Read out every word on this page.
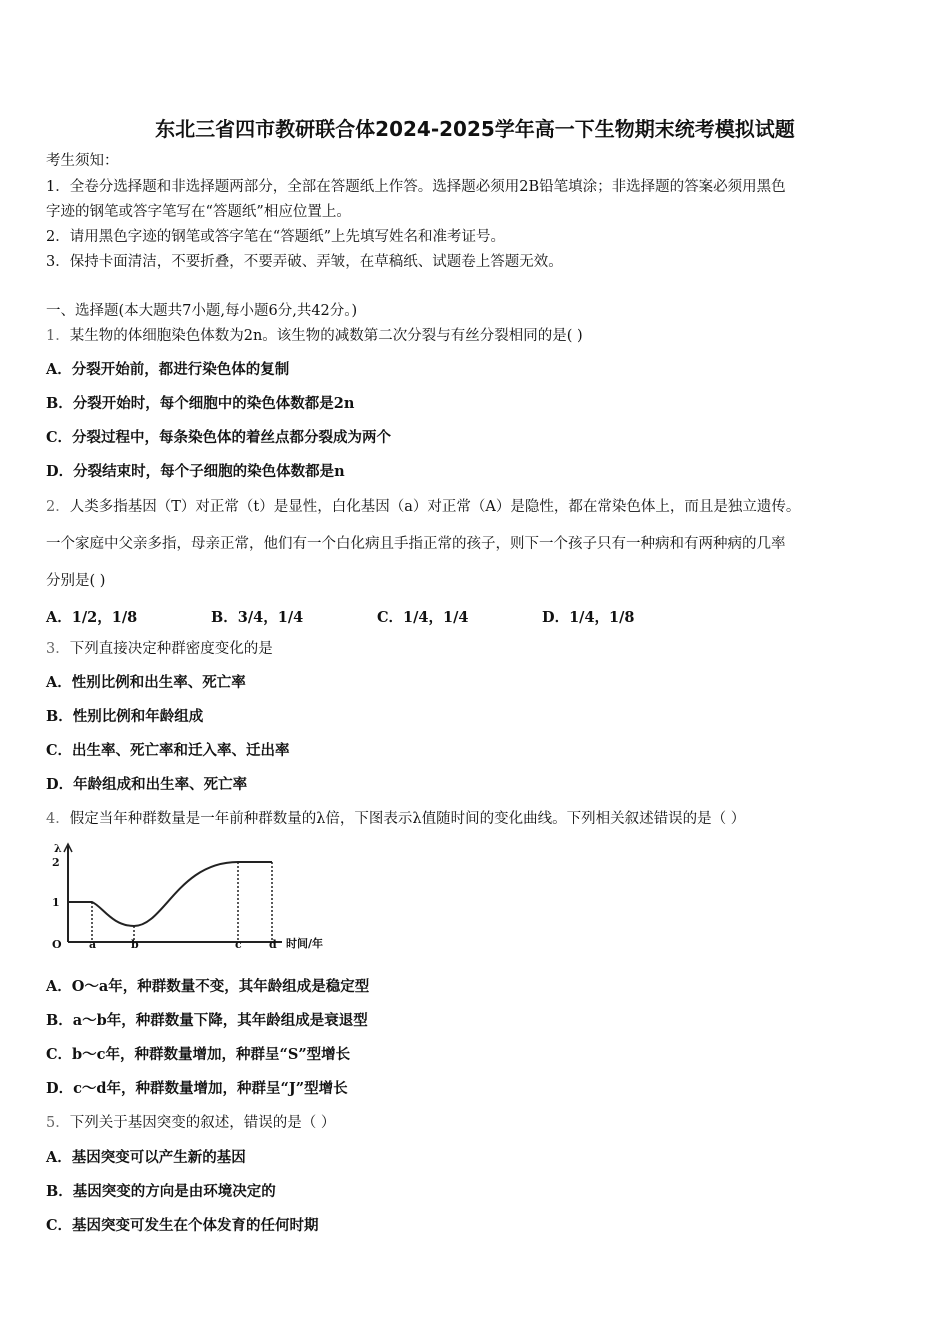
东北三省四市教研联合体2024-2025学年高一下生物期末统考模拟试题
考生须知：
1．全卷分选择题和非选择题两部分，全部在答题纸上作答。选择题必须用2B铅笔填涂；非选择题的答案必须用黑色
字迹的钢笔或答字笔写在“答题纸”相应位置上。
2．请用黑色字迹的钢笔或答字笔在“答题纸”上先填写姓名和准考证号。
3．保持卡面清洁，不要折叠，不要弄破、弄皱，在草稿纸、试题卷上答题无效。
一、选择题(本大题共7小题,每小题6分,共42分。)
1．某生物的体细胞染色体数为2n。该生物的减数第二次分裂与有丝分裂相同的是( )
A．分裂开始前，都进行染色体的复制
B．分裂开始时，每个细胞中的染色体数都是2n
C．分裂过程中，每条染色体的着丝点都分裂成为两个
D．分裂结束时，每个子细胞的染色体数都是n
2．人类多指基因（T）对正常（t）是显性，白化基因（a）对正常（A）是隐性，都在常染色体上，而且是独立遗传。
一个家庭中父亲多指，母亲正常，他们有一个白化病且手指正常的孩子，则下一个孩子只有一种病和有两种病的几率
分别是( )
A．1/2，1/8	B．3/4，1/4	C．1/4，1/4	D．1/4，1/8
3．下列直接决定种群密度变化的是
A．性别比例和出生率、死亡率
B．性别比例和年龄组成
C．出生率、死亡率和迁入率、迁出率
D．年龄组成和出生率、死亡率
4．假定当年种群数量是一年前种群数量的λ倍，下图表示λ值随时间的变化曲线。下列相关叙述错误的是（ ）
λ
O	时间/年
1
2
a	b	c d
A．O～a年，种群数量不变，其年龄组成是稳定型
B．a～b年，种群数量下降，其年龄组成是衰退型
C．b～c年，种群数量增加，种群呈“S”型增长
D．c～d年，种群数量增加，种群呈“J”型增长
5．下列关于基因突变的叙述，错误的是（ ）
A．基因突变可以产生新的基因
B．基因突变的方向是由环境决定的
C．基因突变可发生在个体发育的任何时期
